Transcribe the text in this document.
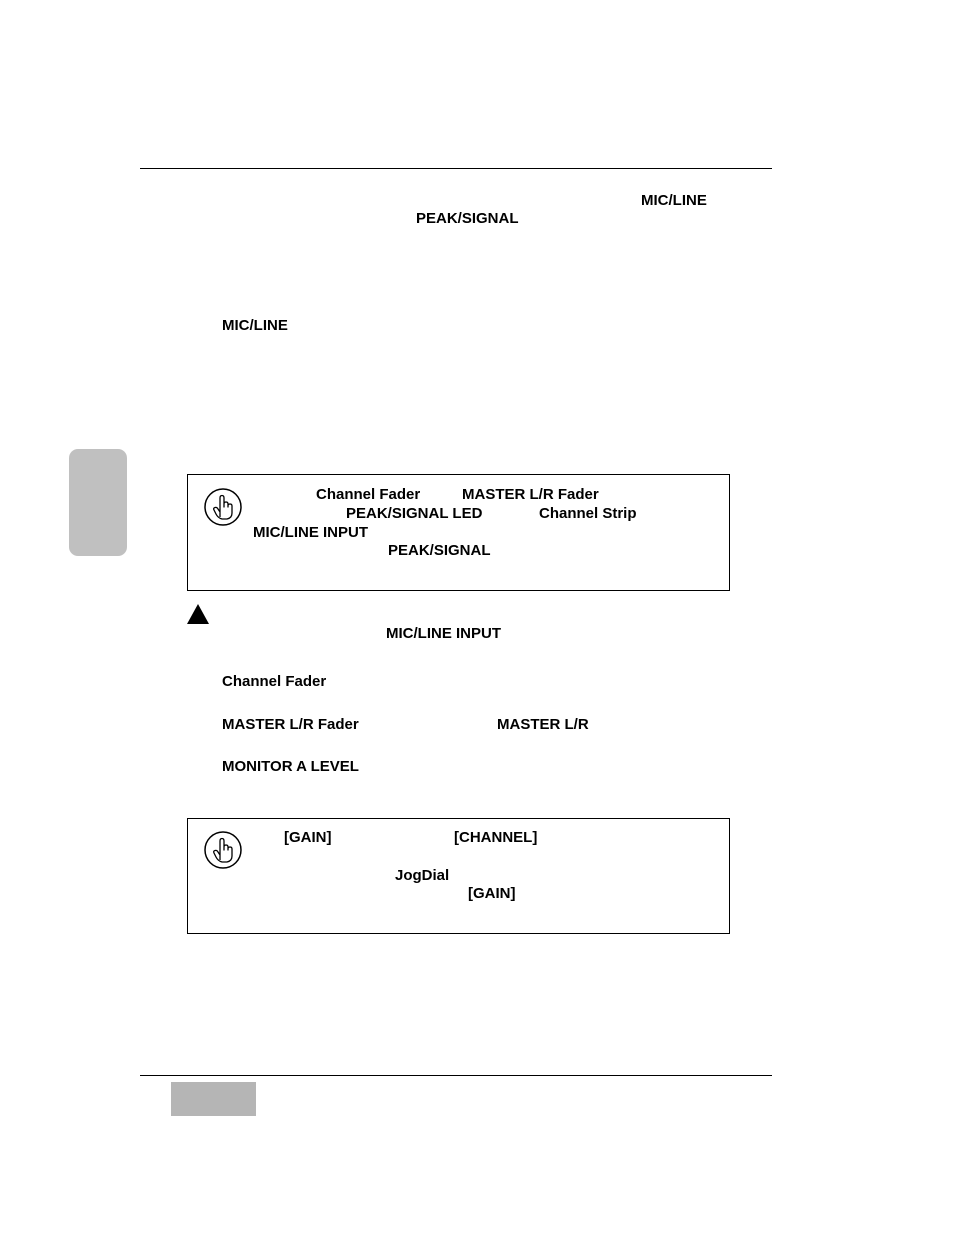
MIC/LINE
PEAK/SIGNAL
MIC/LINE
Channel Fader	MASTER L/R Fader
PEAK/SIGNAL LED	Channel Strip
MIC/LINE INPUT
PEAK/SIGNAL
MIC/LINE INPUT
Channel Fader
MASTER L/R Fader	MASTER L/R
MONITOR A LEVEL
[GAIN]	[CHANNEL]
JogDial
[GAIN]
